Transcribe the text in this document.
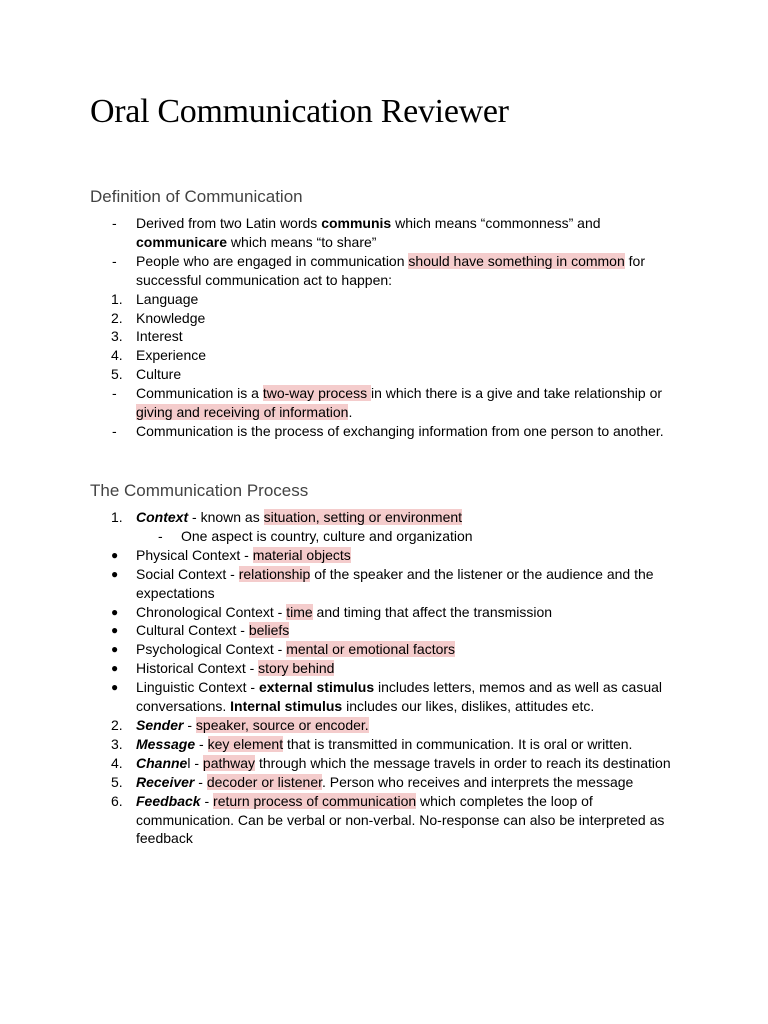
Oral Communication Reviewer
Definition of Communication
- Derived from two Latin words communis which means “commonness” and
communicare which means “to share”
- People who are engaged in communication should have something in common for
successful communication act to happen:
1. Language
2. Knowledge
3. Interest
4. Experience
5. Culture
- Communication is a two-way process in which there is a give and take relationship or
giving and receiving of information.
- Communication is the process of exchanging information from one person to another.
The Communication Process
1. Context - known as situation, setting or environment
- One aspect is country, culture and organization
● Physical Context - material objects
● Social Context - relationship of the speaker and the listener or the audience and the
expectations
● Chronological Context - time and timing that affect the transmission
● Cultural Context - beliefs
● Psychological Context - mental or emotional factors
● Historical Context - story behind
● Linguistic Context - external stimulus includes letters, memos and as well as casual
conversations. Internal stimulus includes our likes, dislikes, attitudes etc.
2. Sender - speaker, source or encoder.
3. Message - key element that is transmitted in communication. It is oral or written.
4. Channel - pathway through which the message travels in order to reach its destination
5. Receiver - decoder or listener. Person who receives and interprets the message
6. Feedback - return process of communication which completes the loop of
communication. Can be verbal or non-verbal. No-response can also be interpreted as
feedback
